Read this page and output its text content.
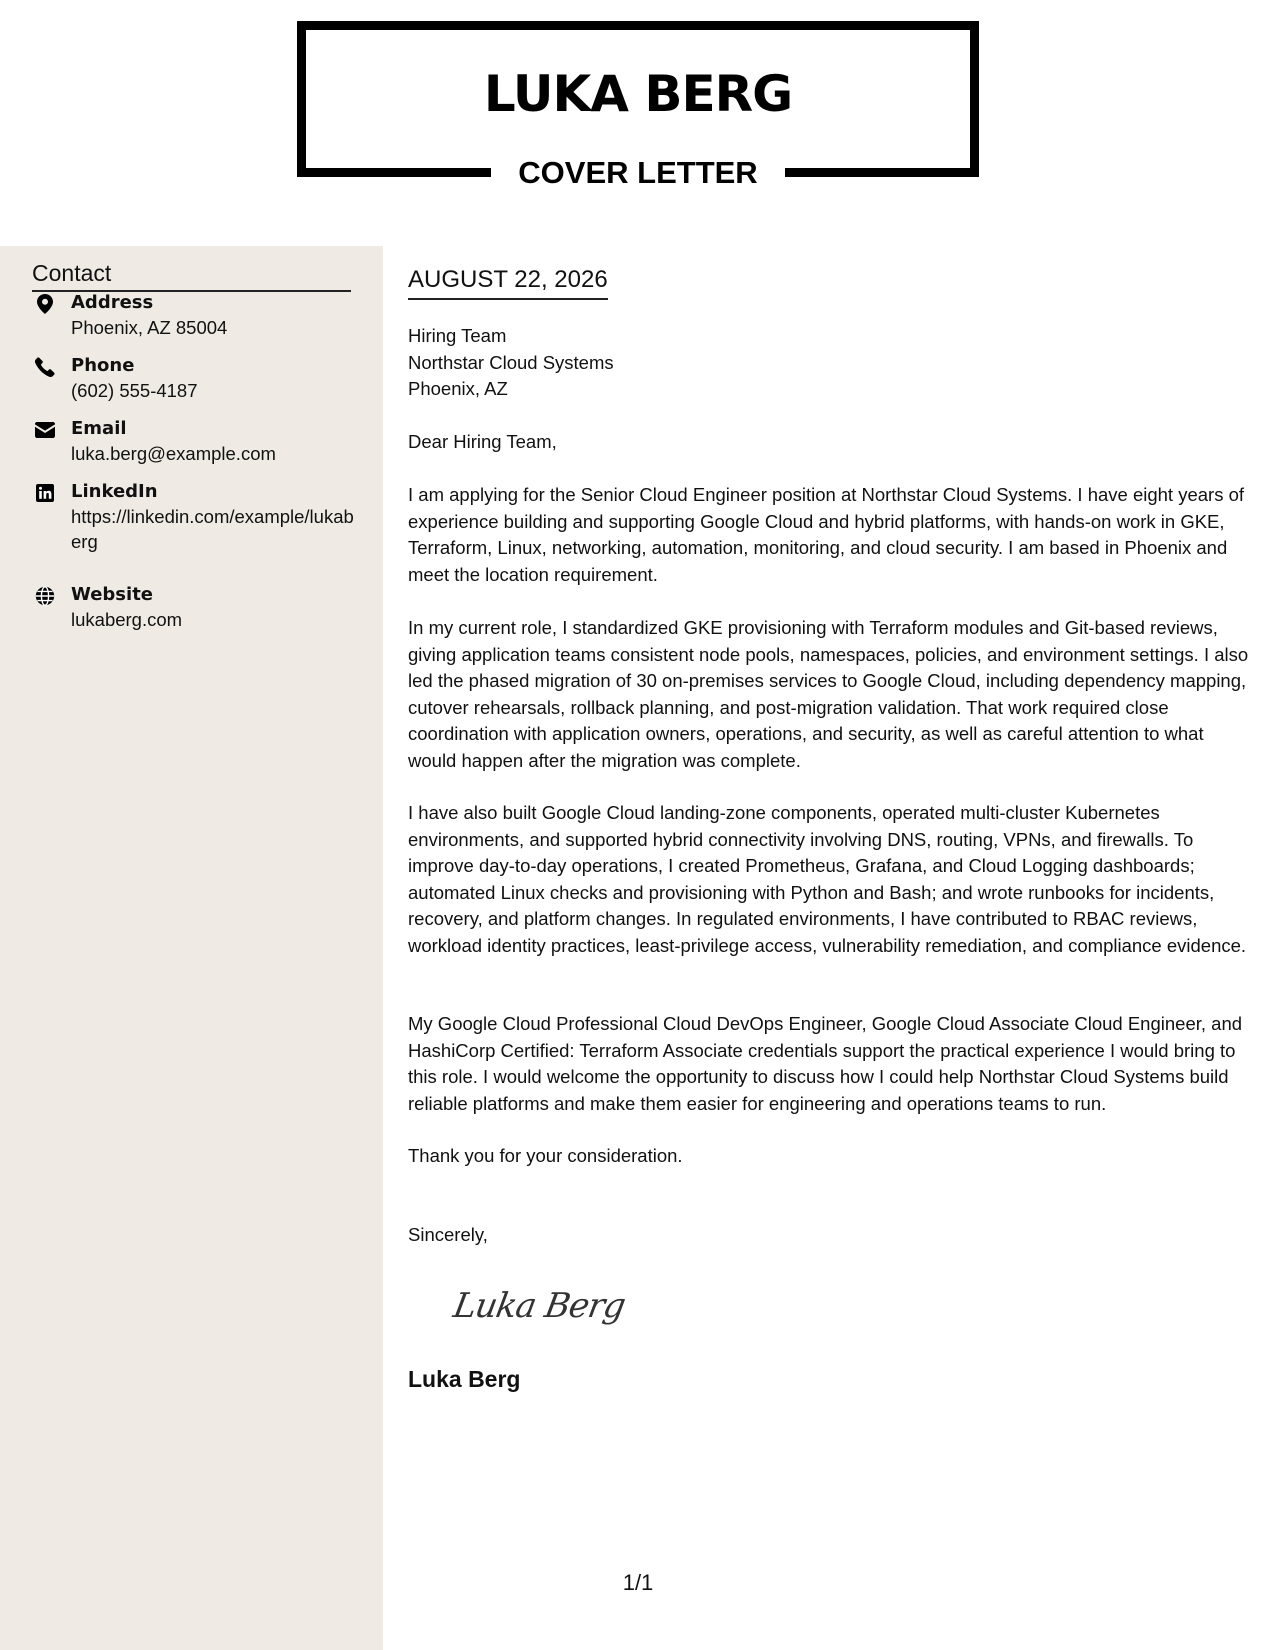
LUKA BERG
COVER LETTER
Contact
Address
Phoenix, AZ 85004
Phone
(602) 555-4187
Email
luka.berg@example.com
LinkedIn
https://linkedin.com/example/lukaberg
Website
lukaberg.com
AUGUST 22, 2026
Hiring Team
Northstar Cloud Systems
Phoenix, AZ

Dear Hiring Team,

I am applying for the Senior Cloud Engineer position at Northstar Cloud Systems. I have eight years of experience building and supporting Google Cloud and hybrid platforms, with hands-on work in GKE, Terraform, Linux, networking, automation, monitoring, and cloud security. I am based in Phoenix and meet the location requirement.

In my current role, I standardized GKE provisioning with Terraform modules and Git-based reviews, giving application teams consistent node pools, namespaces, policies, and environment settings. I also led the phased migration of 30 on-premises services to Google Cloud, including dependency mapping, cutover rehearsals, rollback planning, and post-migration validation. That work required close coordination with application owners, operations, and security, as well as careful attention to what would happen after the migration was complete.

I have also built Google Cloud landing-zone components, operated multi-cluster Kubernetes environments, and supported hybrid connectivity involving DNS, routing, VPNs, and firewalls. To improve day-to-day operations, I created Prometheus, Grafana, and Cloud Logging dashboards; automated Linux checks and provisioning with Python and Bash; and wrote runbooks for incidents, recovery, and platform changes. In regulated environments, I have contributed to RBAC reviews, workload identity practices, least-privilege access, vulnerability remediation, and compliance evidence.

My Google Cloud Professional Cloud DevOps Engineer, Google Cloud Associate Cloud Engineer, and HashiCorp Certified: Terraform Associate credentials support the practical experience I would bring to this role. I would welcome the opportunity to discuss how I could help Northstar Cloud Systems build reliable platforms and make them easier for engineering and operations teams to run.

Thank you for your consideration.

Sincerely,

Luka Berg
Luka Berg
1/1
